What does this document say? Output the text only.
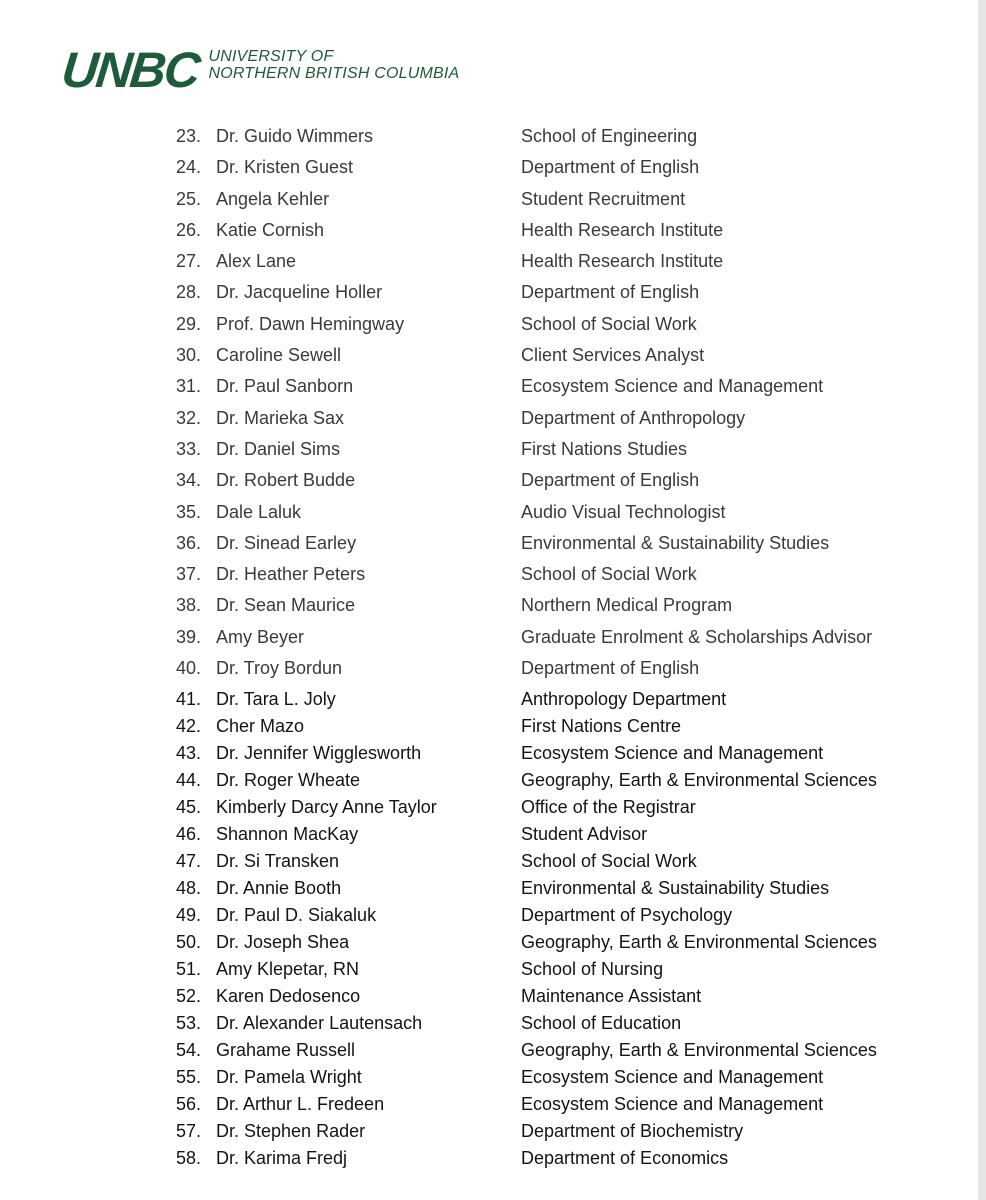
UNBC UNIVERSITY OF
NORTHERN BRITISH COLUMBIA
23. Dr. Guido Wimmers	School of Engineering
24. Dr. Kristen Guest	Department of English
25. Angela Kehler	Student Recruitment
26. Katie Cornish	Health Research Institute
27. Alex Lane	Health Research Institute
28. Dr. Jacqueline Holler	Department of English
29. Prof. Dawn Hemingway	School of Social Work
30. Caroline Sewell	Client Services Analyst
31. Dr. Paul Sanborn	Ecosystem Science and Management
32. Dr. Marieka Sax	Department of Anthropology
33. Dr. Daniel Sims	First Nations Studies
34. Dr. Robert Budde	Department of English
35. Dale Laluk	Audio Visual Technologist
36. Dr. Sinead Earley	Environmental & Sustainability Studies
37. Dr. Heather Peters	School of Social Work
38. Dr. Sean Maurice	Northern Medical Program
39. Amy Beyer	Graduate Enrolment & Scholarships Advisor
40. Dr. Troy Bordun	Department of English
41. Dr. Tara L. Joly	Anthropology Department
42. Cher Mazo	First Nations Centre
43. Dr. Jennifer Wigglesworth	Ecosystem Science and Management
44. Dr. Roger Wheate	Geography, Earth & Environmental Sciences
45. Kimberly Darcy Anne Taylor	Office of the Registrar
46. Shannon MacKay	Student Advisor
47. Dr. Si Transken	School of Social Work
48. Dr. Annie Booth	Environmental & Sustainability Studies
49. Dr. Paul D. Siakaluk	Department of Psychology
50. Dr. Joseph Shea	Geography, Earth & Environmental Sciences
51. Amy Klepetar, RN	School of Nursing
52. Karen Dedosenco	Maintenance Assistant
53. Dr. Alexander Lautensach	School of Education
54. Grahame Russell	Geography, Earth & Environmental Sciences
55. Dr. Pamela Wright	Ecosystem Science and Management
56. Dr. Arthur L. Fredeen	Ecosystem Science and Management
57. Dr. Stephen Rader	Department of Biochemistry
58. Dr. Karima Fredj	Department of Economics
